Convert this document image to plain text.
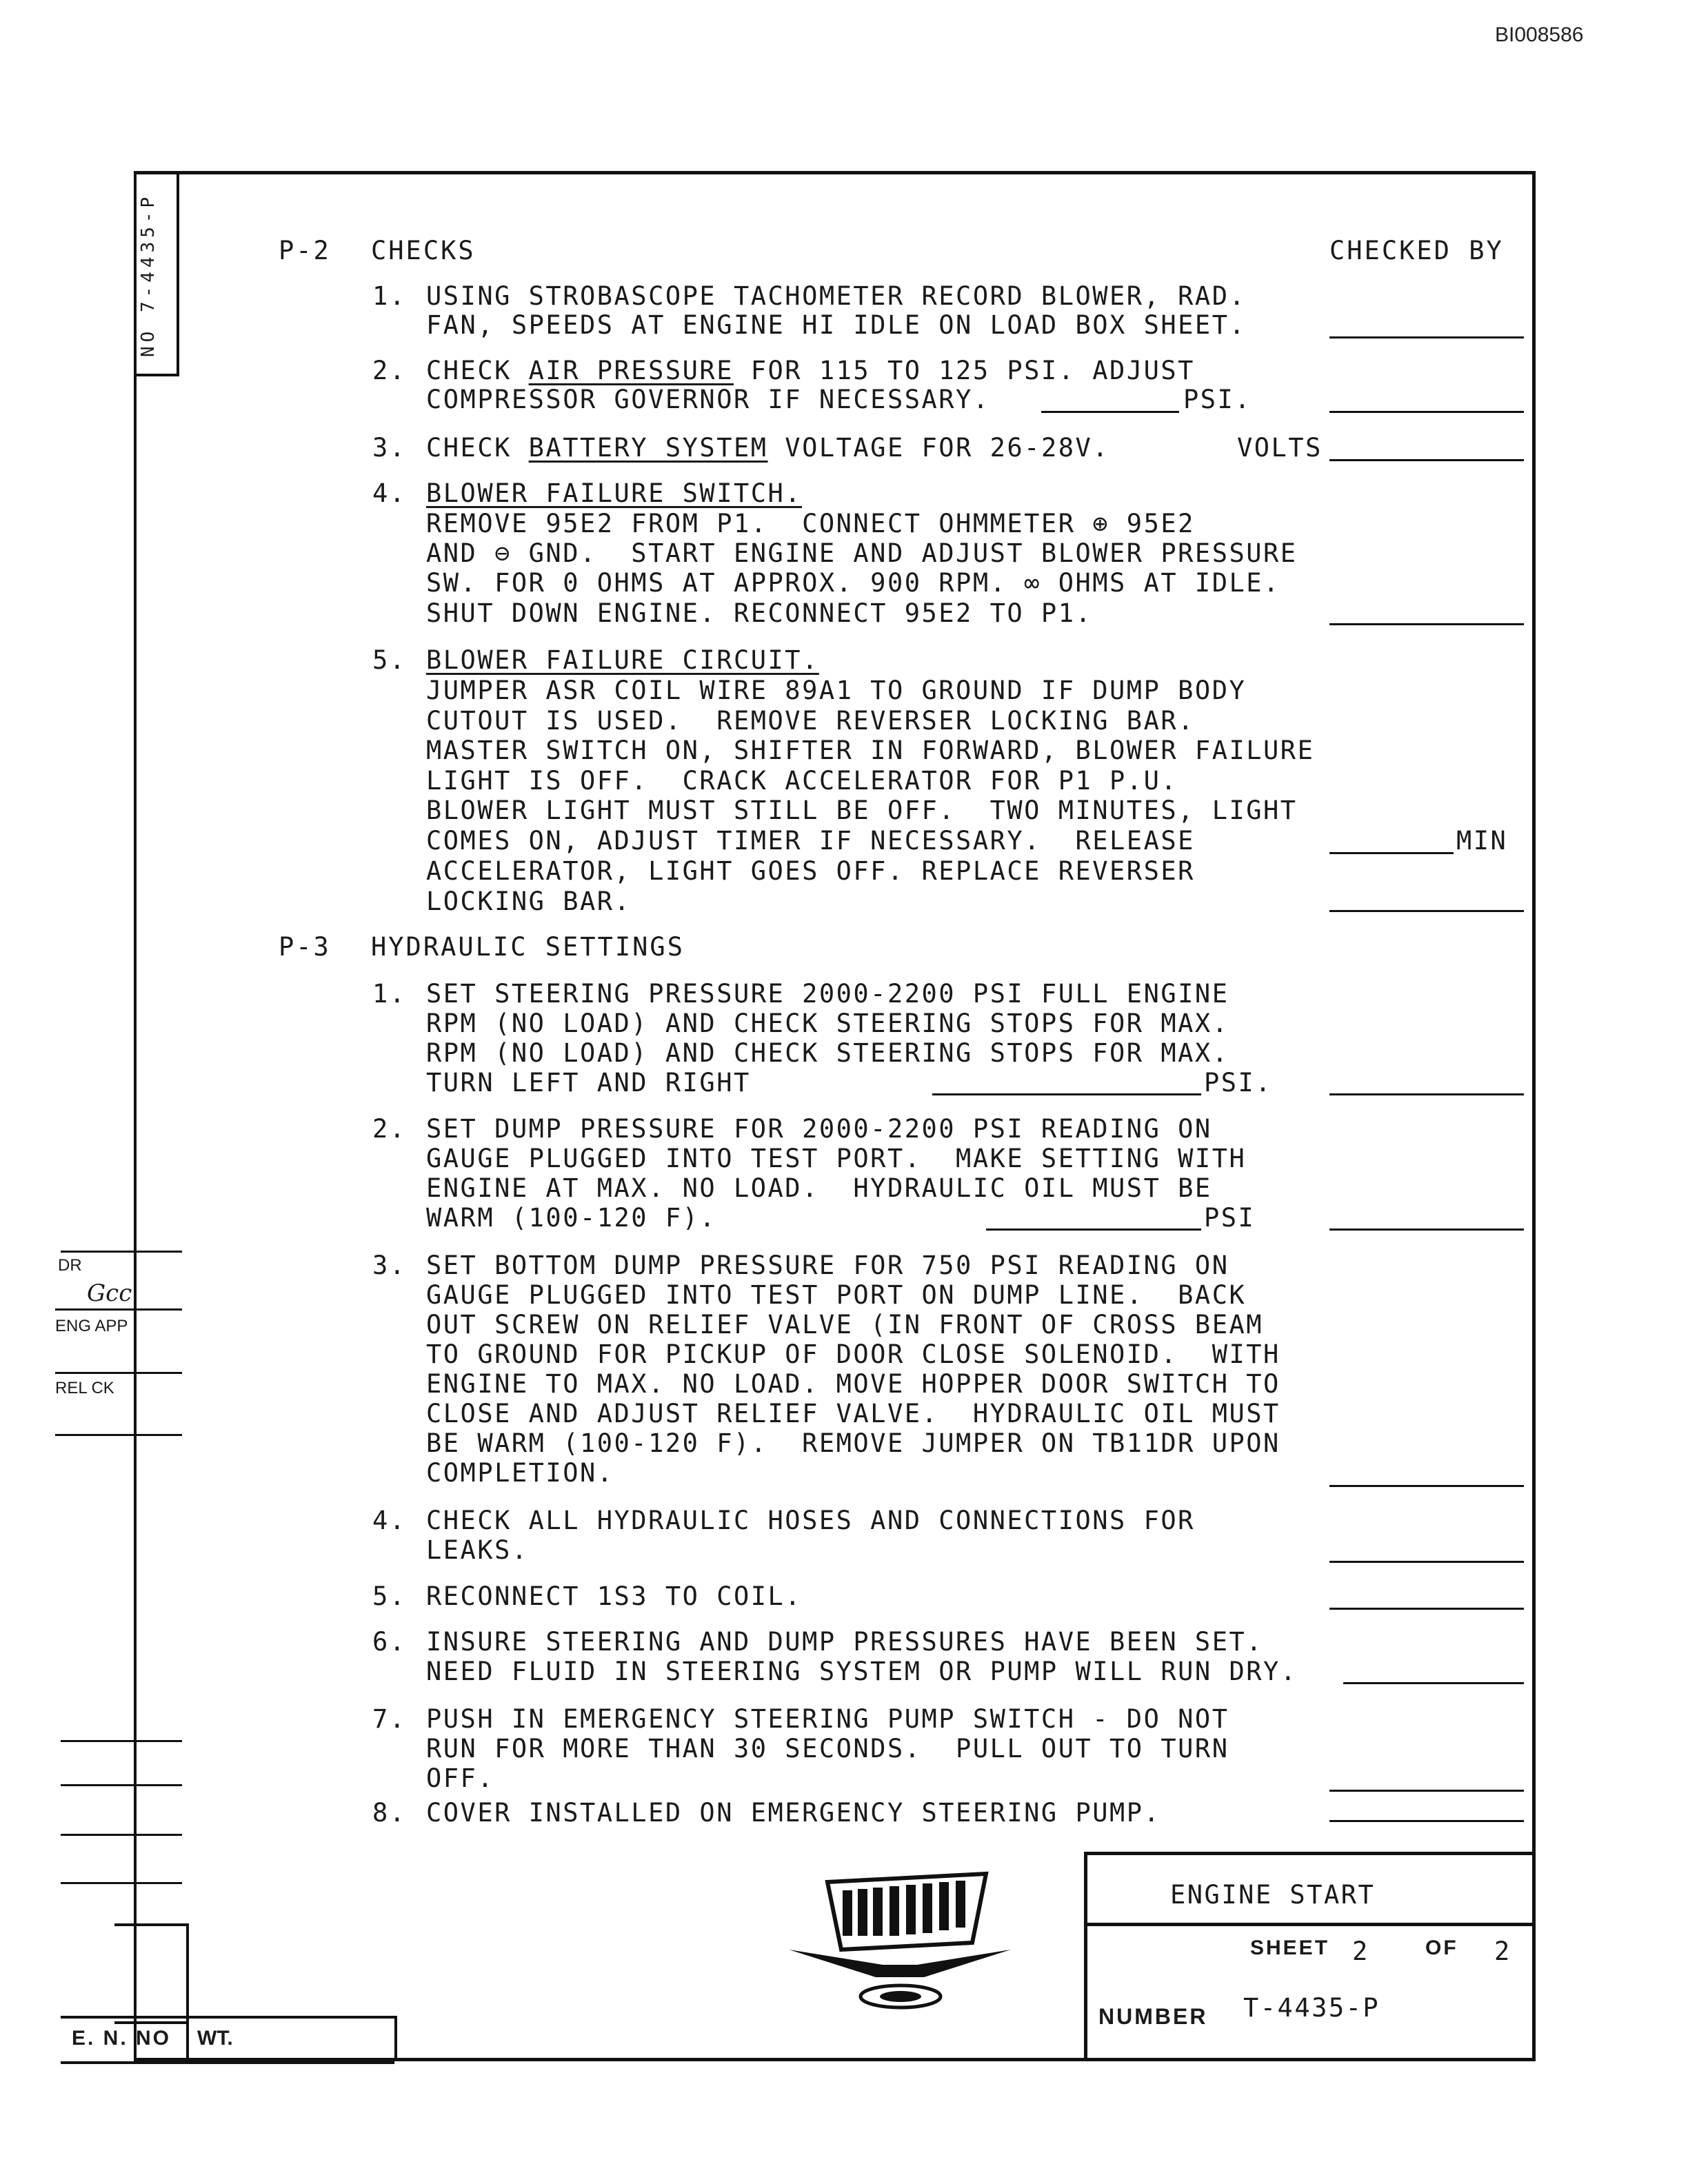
BI008586
NO 7-4435-P	P-2 CHECKS	CHECKED BY
1. USING STROBASCOPE TACHOMETER RECORD BLOWER, RAD.
FAN, SPEEDS AT ENGINE HI IDLE ON LOAD BOX SHEET.
2. CHECK AIR PRESSURE FOR 115 TO 125 PSI. ADJUST
COMPRESSOR GOVERNOR IF NECESSARY.	PSI.
3. CHECK BATTERY SYSTEM VOLTAGE FOR 26-28V.	VOLTS
4. BLOWER FAILURE SWITCH.
REMOVE 95E2 FROM P1.  CONNECT OHMMETER ⊕ 95E2
AND ⊖ GND.  START ENGINE AND ADJUST BLOWER PRESSURE
SW. FOR 0 OHMS AT APPROX. 900 RPM. ∞ OHMS AT IDLE.
SHUT DOWN ENGINE. RECONNECT 95E2 TO P1.
5. BLOWER FAILURE CIRCUIT.
JUMPER ASR COIL WIRE 89A1 TO GROUND IF DUMP BODY
CUTOUT IS USED.  REMOVE REVERSER LOCKING BAR.
MASTER SWITCH ON, SHIFTER IN FORWARD, BLOWER FAILURE
LIGHT IS OFF.  CRACK ACCELERATOR FOR P1 P.U.
BLOWER LIGHT MUST STILL BE OFF.  TWO MINUTES, LIGHT
COMES ON, ADJUST TIMER IF NECESSARY.  RELEASE
ACCELERATOR, LIGHT GOES OFF. REPLACE REVERSER
LOCKING BAR.
MIN
P-3 HYDRAULIC SETTINGS
1. SET STEERING PRESSURE 2000-2200 PSI FULL ENGINE
RPM (NO LOAD) AND CHECK STEERING STOPS FOR MAX.
RPM (NO LOAD) AND CHECK STEERING STOPS FOR MAX.
TURN LEFT AND RIGHT	PSI.
2. SET DUMP PRESSURE FOR 2000-2200 PSI READING ON
GAUGE PLUGGED INTO TEST PORT.  MAKE SETTING WITH
ENGINE AT MAX. NO LOAD.  HYDRAULIC OIL MUST BE
WARM (100-120 F).	PSI
3. SET BOTTOM DUMP PRESSURE FOR 750 PSI READING ON
GAUGE PLUGGED INTO TEST PORT ON DUMP LINE.  BACK
OUT SCREW ON RELIEF VALVE (IN FRONT OF CROSS BEAM
TO GROUND FOR PICKUP OF DOOR CLOSE SOLENOID.  WITH
ENGINE TO MAX. NO LOAD. MOVE HOPPER DOOR SWITCH TO
CLOSE AND ADJUST RELIEF VALVE.  HYDRAULIC OIL MUST
BE WARM (100-120 F).  REMOVE JUMPER ON TB11DR UPON
COMPLETION.
4. CHECK ALL HYDRAULIC HOSES AND CONNECTIONS FOR
LEAKS.
5. RECONNECT 1S3 TO COIL.
6. INSURE STEERING AND DUMP PRESSURES HAVE BEEN SET.
NEED FLUID IN STEERING SYSTEM OR PUMP WILL RUN DRY.
7. PUSH IN EMERGENCY STEERING PUMP SWITCH - DO NOT
RUN FOR MORE THAN 30 SECONDS.  PULL OUT TO TURN
OFF.
8. COVER INSTALLED ON EMERGENCY STEERING PUMP.
DR
Gcc
ENG APP
REL CK
E. N. NO WT.
ENGINE START
SHEET 2	OF 2
NUMBER T-4435-P
